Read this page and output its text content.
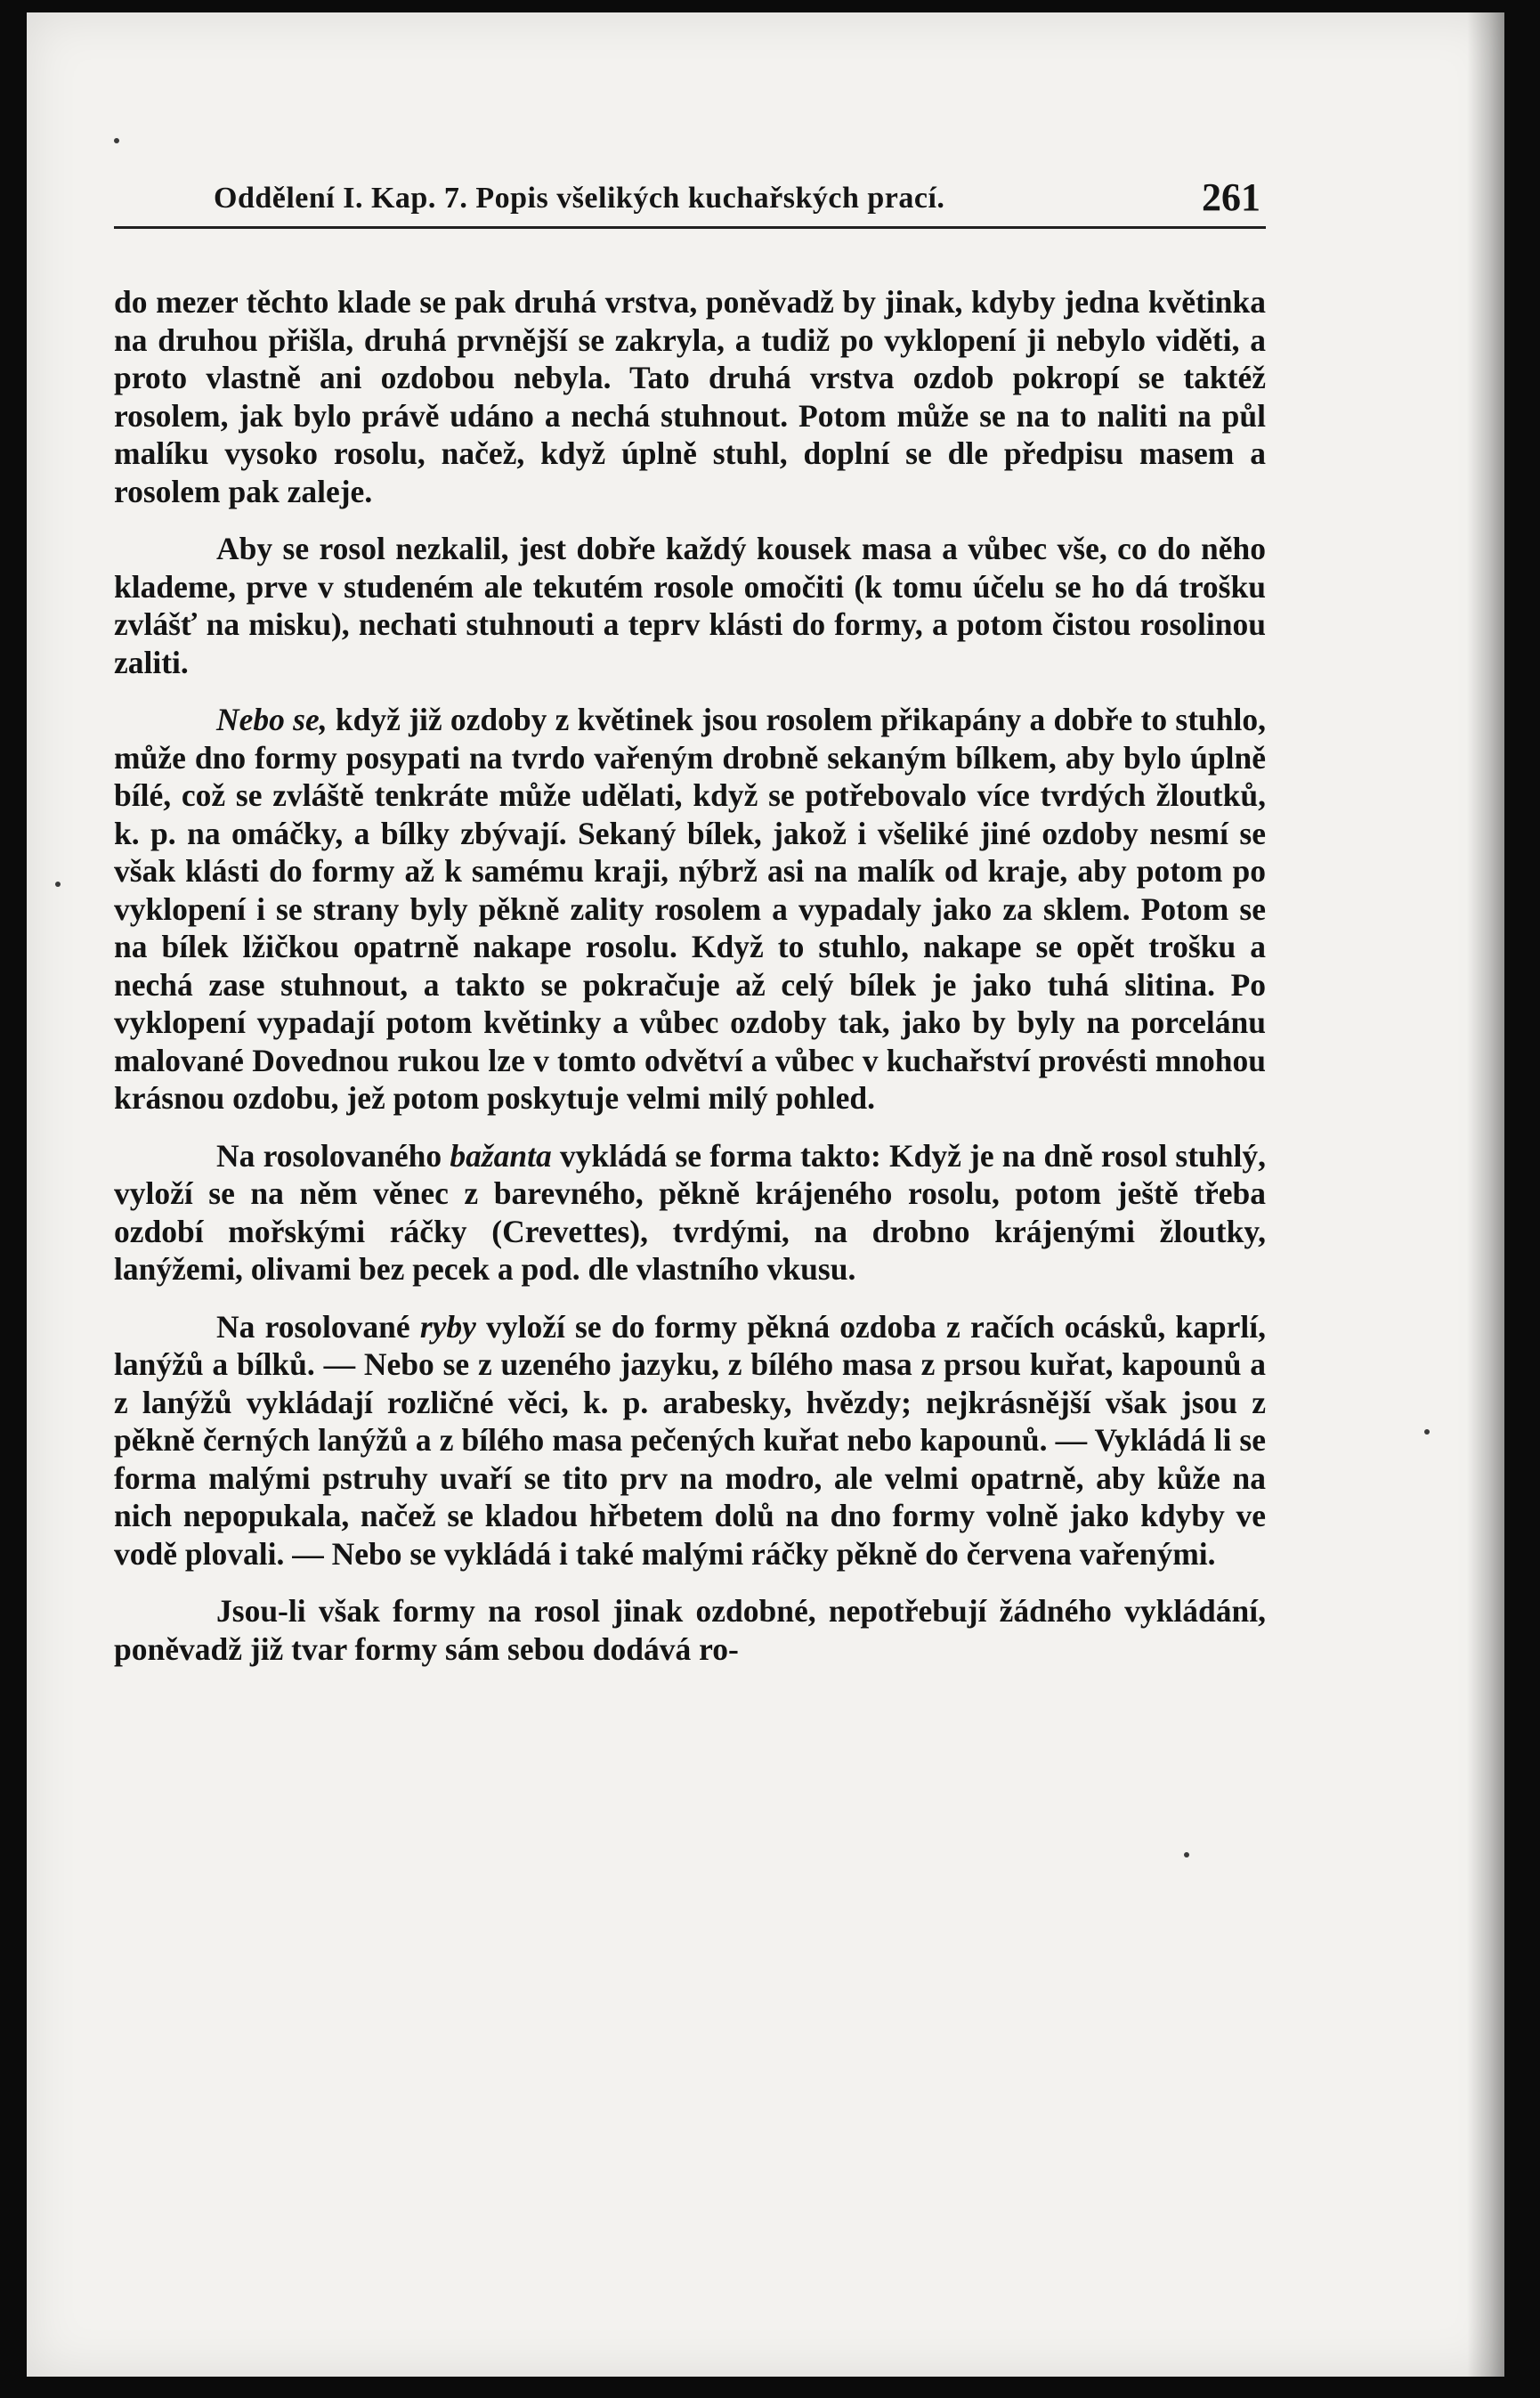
Oddělení I. Kap. 7. Popis všelikých kuchařských prací.	261

do mezer těchto klade se pak druhá vrstva, poněvadž by jinak, kdyby jedna květinka na druhou přišla, druhá prvnější se zakryla, a tudiž po vyklopení ji nebylo viděti, a proto vlastně ani ozdobou nebyla. Tato druhá vrstva ozdob pokropí se taktéž rosolem, jak bylo právě udáno a nechá stuhnout. Potom může se na to naliti na půl malíku vysoko rosolu, načež, když úplně stuhl, doplní se dle předpisu masem a rosolem pak zaleje.

Aby se rosol nezkalil, jest dobře každý kousek masa a vůbec vše, co do něho klademe, prve v studeném ale tekutém rosole omočiti (k tomu účelu se ho dá trošku zvlášť na misku), nechati stuhnouti a teprv klásti do formy, a potom čistou rosolinou zaliti.

Nebo se, když již ozdoby z květinek jsou rosolem přikapány a dobře to stuhlo, může dno formy posypati na tvrdo vařeným drobně sekaným bílkem, aby bylo úplně bílé, což se zvláště tenkráte může udělati, když se potřebovalo více tvrdých žloutků, k. p. na omáčky, a bílky zbývají. Sekaný bílek, jakož i všeliké jiné ozdoby nesmí se však klásti do formy až k samému kraji, nýbrž asi na malík od kraje, aby potom po vyklopení i se strany byly pěkně zality rosolem a vypadaly jako za sklem. Potom se na bílek lžičkou opatrně nakape rosolu. Když to stuhlo, nakape se opět trošku a nechá zase stuhnout, a takto se pokračuje až celý bílek je jako tuhá slitina. Po vyklopení vypadají potom květinky a vůbec ozdoby tak, jako by byly na porcelánu malované Dovednou rukou lze v tomto odvětví a vůbec v kuchařství provésti mnohou krásnou ozdobu, jež potom poskytuje velmi milý pohled.

Na rosolovaného bažanta vykládá se forma takto: Když je na dně rosol stuhlý, vyloží se na něm věnec z barevného, pěkně krájeného rosolu, potom ještě třeba ozdobí mořskými ráčky (Crevettes), tvrdými, na drobno krájenými žloutky, lanýžemi, olivami bez pecek a pod. dle vlastního vkusu.

Na rosolované ryby vyloží se do formy pěkná ozdoba z račích ocásků, kaprlí, lanýžů a bílků. — Nebo se z uzeného jazyku, z bílého masa z prsou kuřat, kapounů a z lanýžů vykládají rozličné věci, k. p. arabesky, hvězdy; nejkrásnější však jsou z pěkně černých lanýžů a z bílého masa pečených kuřat nebo kapounů. — Vykládá li se forma malými pstruhy uvaří se tito prv na modro, ale velmi opatrně, aby kůže na nich nepopukala, načež se kladou hřbetem dolů na dno formy volně jako kdyby ve vodě plovali. — Nebo se vykládá i také malými ráčky pěkně do červena vařenými.

Jsou-li však formy na rosol jinak ozdobné, nepotřebují žádného vykládání, poněvadž již tvar formy sám sebou dodává ro-
